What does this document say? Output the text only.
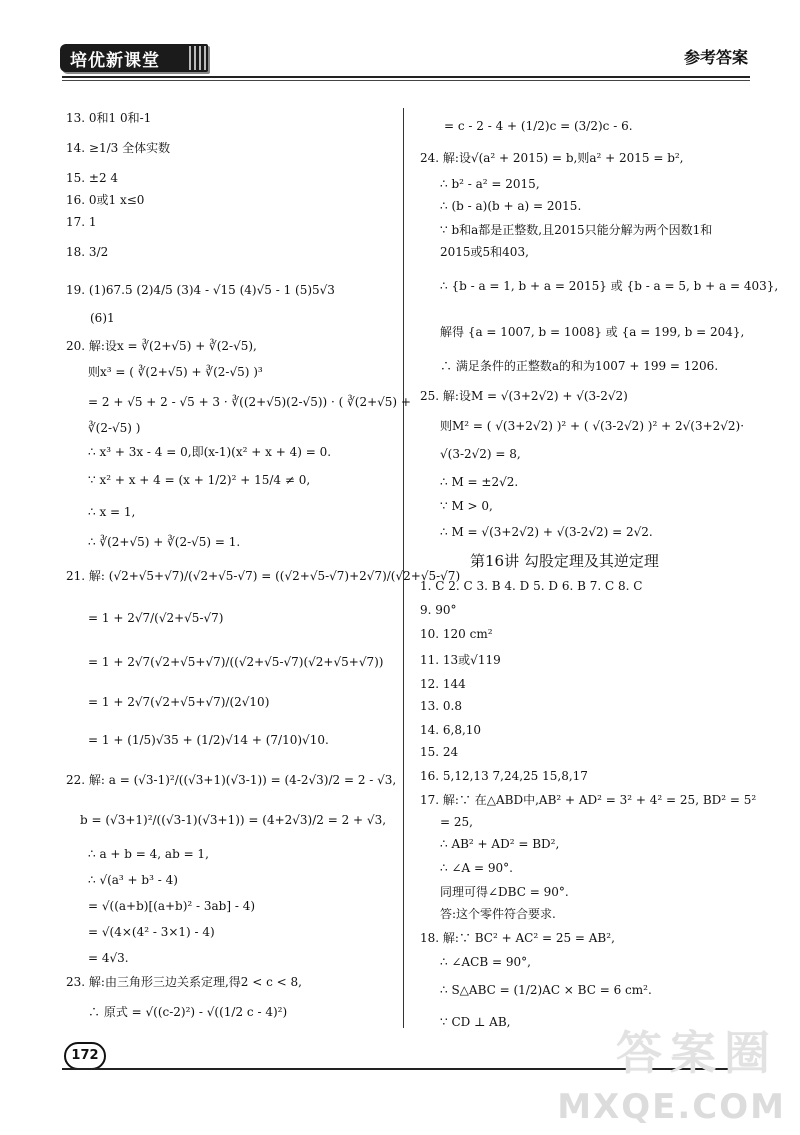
培优新课堂	参考答案
13. 0和1 0和-1
14. ≥1/3 全体实数
15. ±2 4
16. 0或1 x≤0
17. 1
18. 3/2
19. (1)67.5 (2)4/5 (3)4 - √15 (4)√5 - 1 (5)5√3
(6)1
20. 解:设x = ∛(2+√5) + ∛(2-√5),
则x³ = ( ∛(2+√5) + ∛(2-√5) )³
= 2 + √5 + 2 - √5 + 3 · ∛((2+√5)(2-√5)) · ( ∛(2+√5) +
∛(2-√5) )
∴ x³ + 3x - 4 = 0,即(x-1)(x² + x + 4) = 0.
∵ x² + x + 4 = (x + 1/2)² + 15/4 ≠ 0,
∴ x = 1,
∴ ∛(2+√5) + ∛(2-√5) = 1.
21. 解: (√2+√5+√7)/(√2+√5-√7) = ((√2+√5-√7)+2√7)/(√2+√5-√7)
= 1 + 2√7/(√2+√5-√7)
= 1 + 2√7(√2+√5+√7)/((√2+√5-√7)(√2+√5+√7))
= 1 + 2√7(√2+√5+√7)/(2√10)
= 1 + (1/5)√35 + (1/2)√14 + (7/10)√10.
22. 解: a = (√3-1)²/((√3+1)(√3-1)) = (4-2√3)/2 = 2 - √3,
b = (√3+1)²/((√3-1)(√3+1)) = (4+2√3)/2 = 2 + √3,
∴ a + b = 4, ab = 1,
∴ √(a³ + b³ - 4)
= √((a+b)[(a+b)² - 3ab] - 4)
= √(4×(4² - 3×1) - 4)
= 4√3.
23. 解:由三角形三边关系定理,得2 < c < 8,
∴ 原式 = √((c-2)²) - √((1/2 c - 4)²)
= c - 2 - 4 + (1/2)c = (3/2)c - 6.
24. 解:设√(a² + 2015) = b,则a² + 2015 = b²,
∴ b² - a² = 2015,
∴ (b - a)(b + a) = 2015.
∵ b和a都是正整数,且2015只能分解为两个因数1和
2015或5和403,
∴ {b - a = 1, b + a = 2015} 或 {b - a = 5, b + a = 403},
解得 {a = 1007, b = 1008} 或 {a = 199, b = 204},
∴ 满足条件的正整数a的和为1007 + 199 = 1206.
25. 解:设M = √(3+2√2) + √(3-2√2)
则M² = ( √(3+2√2) )² + ( √(3-2√2) )² + 2√(3+2√2)·
√(3-2√2) = 8,
∴ M = ±2√2.
∵ M > 0,
∴ M = √(3+2√2) + √(3-2√2) = 2√2.
第16讲 勾股定理及其逆定理
1. C 2. C 3. B 4. D 5. D 6. B 7. C 8. C
9. 90°
10. 120 cm²
11. 13或√119
12. 144
13. 0.8
14. 6,8,10
15. 24
16. 5,12,13 7,24,25 15,8,17
17. 解:∵ 在△ABD中,AB² + AD² = 3² + 4² = 25, BD² = 5²
= 25,
∴ AB² + AD² = BD²,
∴ ∠A = 90°.
同理可得∠DBC = 90°.
答:这个零件符合要求.
18. 解:∵ BC² + AC² = 25 = AB²,
∴ ∠ACB = 90°,
∴ S△ABC = (1/2)AC × BC = 6 cm².
∵ CD ⊥ AB,
172	答案圈
MXQE.COM
